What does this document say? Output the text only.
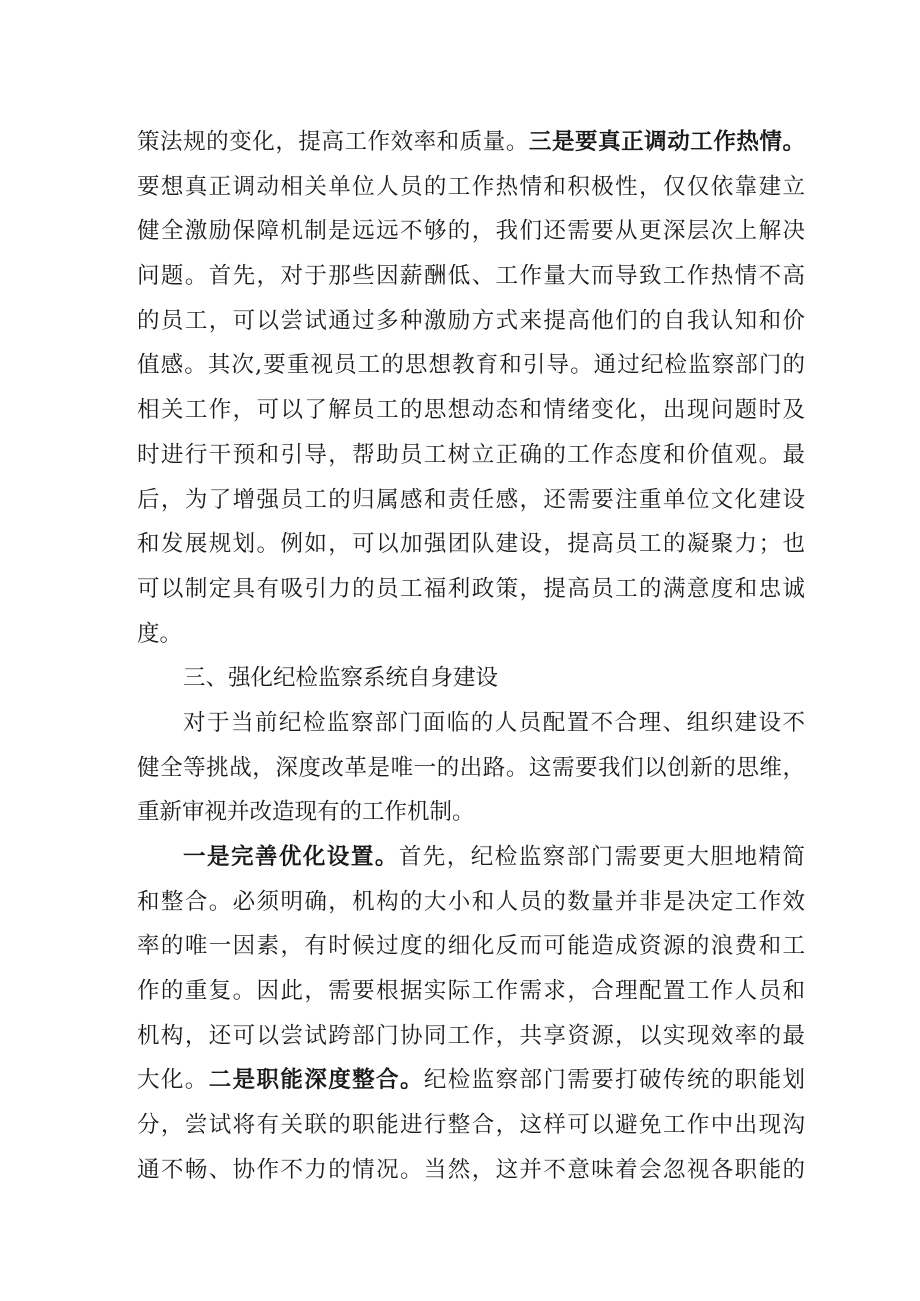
策法规的变化，提高工作效率和质量。三是要真正调动工作热情。
要想真正调动相关单位人员的工作热情和积极性，仅仅依靠建立
健全激励保障机制是远远不够的，我们还需要从更深层次上解决
问题。首先，对于那些因薪酬低、工作量大而导致工作热情不高
的员工，可以尝试通过多种激励方式来提高他们的自我认知和价
值感。其次,要重视员工的思想教育和引导。通过纪检监察部门的
相关工作，可以了解员工的思想动态和情绪变化，出现问题时及
时进行干预和引导，帮助员工树立正确的工作态度和价值观。最
后，为了增强员工的归属感和责任感，还需要注重单位文化建设
和发展规划。例如，可以加强团队建设，提高员工的凝聚力；也
可以制定具有吸引力的员工福利政策，提高员工的满意度和忠诚
度。
三、强化纪检监察系统自身建设
对于当前纪检监察部门面临的人员配置不合理、组织建设不
健全等挑战，深度改革是唯一的出路。这需要我们以创新的思维，
重新审视并改造现有的工作机制。
一是完善优化设置。首先，纪检监察部门需要更大胆地精简
和整合。必须明确，机构的大小和人员的数量并非是决定工作效
率的唯一因素，有时候过度的细化反而可能造成资源的浪费和工
作的重复。因此，需要根据实际工作需求，合理配置工作人员和
机构，还可以尝试跨部门协同工作，共享资源，以实现效率的最
大化。二是职能深度整合。纪检监察部门需要打破传统的职能划
分，尝试将有关联的职能进行整合，这样可以避免工作中出现沟
通不畅、协作不力的情况。当然，这并不意味着会忽视各职能的
